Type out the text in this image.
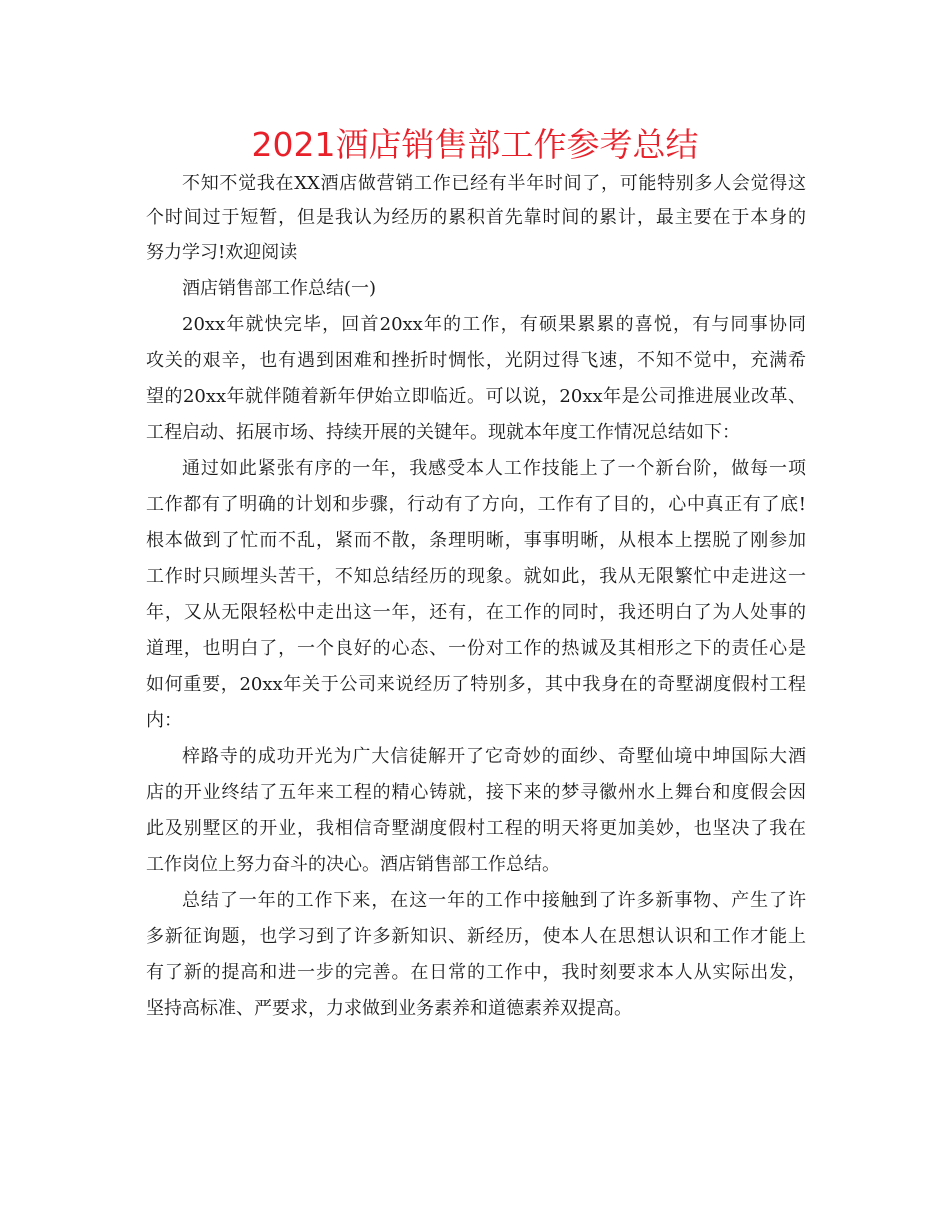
2021酒店销售部工作参考总结
不知不觉我在XX酒店做营销工作已经有半年时间了，可能特别多人会觉得这
个时间过于短暂，但是我认为经历的累积首先靠时间的累计，最主要在于本身的
努力学习!欢迎阅读
酒店销售部工作总结(一)
20xx年就快完毕，回首20xx年的工作，有硕果累累的喜悦，有与同事协同
攻关的艰辛，也有遇到困难和挫折时惆怅，光阴过得飞速，不知不觉中，充满希
望的20xx年就伴随着新年伊始立即临近。可以说，20xx年是公司推进展业改革、
工程启动、拓展市场、持续开展的关键年。现就本年度工作情况总结如下：
通过如此紧张有序的一年，我感受本人工作技能上了一个新台阶，做每一项
工作都有了明确的计划和步骤，行动有了方向，工作有了目的，心中真正有了底!
根本做到了忙而不乱，紧而不散，条理明晰，事事明晰，从根本上摆脱了刚参加
工作时只顾埋头苦干，不知总结经历的现象。就如此，我从无限繁忙中走进这一
年，又从无限轻松中走出这一年，还有，在工作的同时，我还明白了为人处事的
道理，也明白了，一个良好的心态、一份对工作的热诚及其相形之下的责任心是
如何重要，20xx年关于公司来说经历了特别多，其中我身在的奇墅湖度假村工程
内：
梓路寺的成功开光为广大信徒解开了它奇妙的面纱、奇墅仙境中坤国际大酒
店的开业终结了五年来工程的精心铸就，接下来的梦寻徽州水上舞台和度假会因
此及别墅区的开业，我相信奇墅湖度假村工程的明天将更加美妙，也坚决了我在
工作岗位上努力奋斗的决心。酒店销售部工作总结。
总结了一年的工作下来，在这一年的工作中接触到了许多新事物、产生了许
多新征询题，也学习到了许多新知识、新经历，使本人在思想认识和工作才能上
有了新的提高和进一步的完善。在日常的工作中，我时刻要求本人从实际出发，
坚持高标准、严要求，力求做到业务素养和道德素养双提高。
